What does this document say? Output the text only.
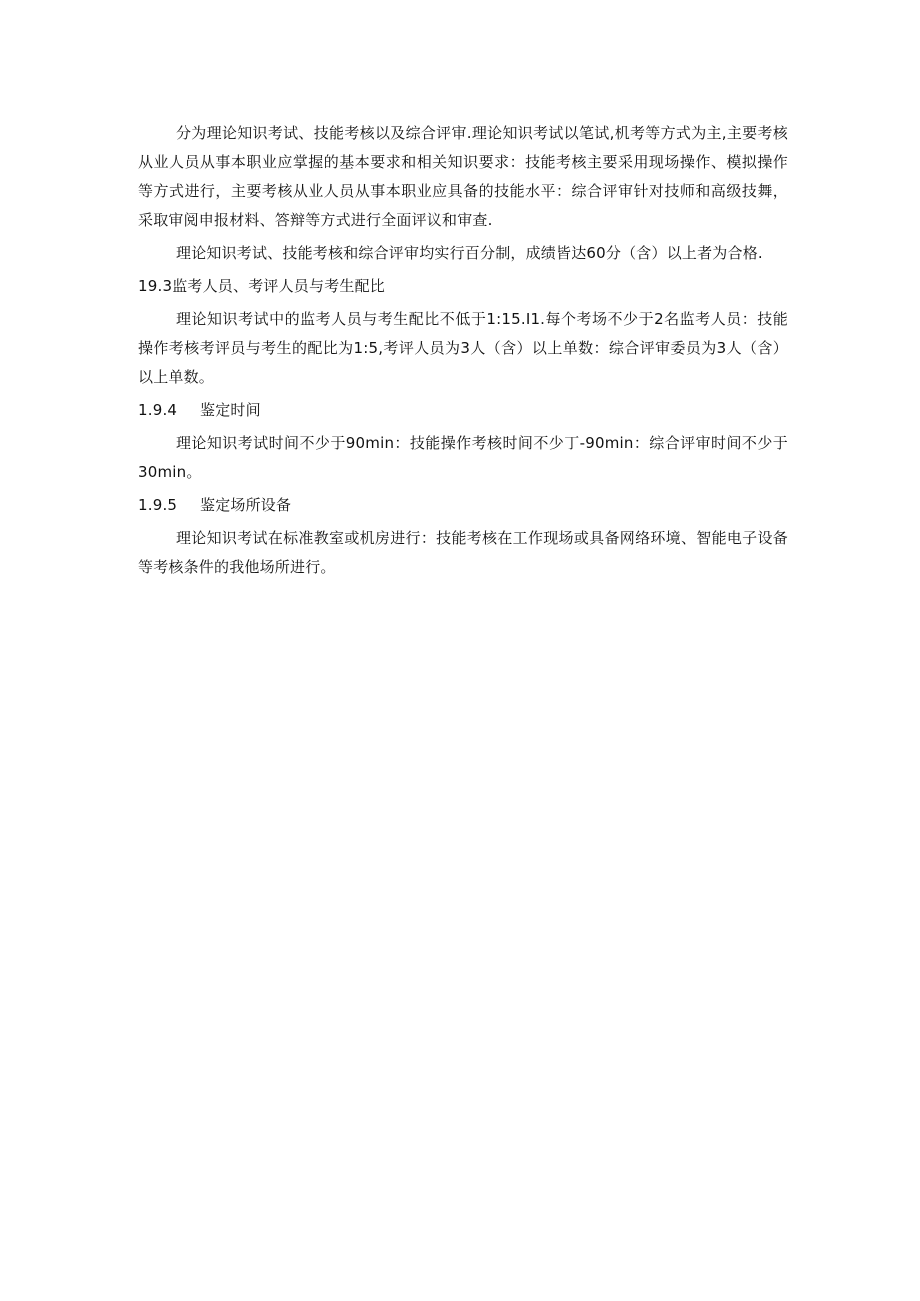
分为理论知识考试、技能考核以及综合评审.理论知识考试以笔试,机考等方式为主,主要考核从业人员从事本职业应掌握的基本要求和相关知识要求：技能考核主要采用现场操作、模拟操作等方式进行，主要考核从业人员从事本职业应具备的技能水平：综合评审针对技师和高级技舞，采取审阅申报材料、答辩等方式进行全面评议和审查.

理论知识考试、技能考核和综合评审均实行百分制，成绩皆达60分（含）以上者为合格.

19.3监考人员、考评人员与考生配比

理论知识考试中的监考人员与考生配比不低于1:15.I1.每个考场不少于2名监考人员：技能操作考核考评员与考生的配比为1:5,考评人员为3人（含）以上单数：综合评审委员为3人（含）以上单数。

1.9.4 鉴定时间

理论知识考试时间不少于90min：技能操作考核时间不少丁-90min：综合评审时间不少于30min。

1.9.5 鉴定场所设备

理论知识考试在标准教室或机房进行：技能考核在工作现场或具备网络环境、智能电子设备等考核条件的我他场所进行。
